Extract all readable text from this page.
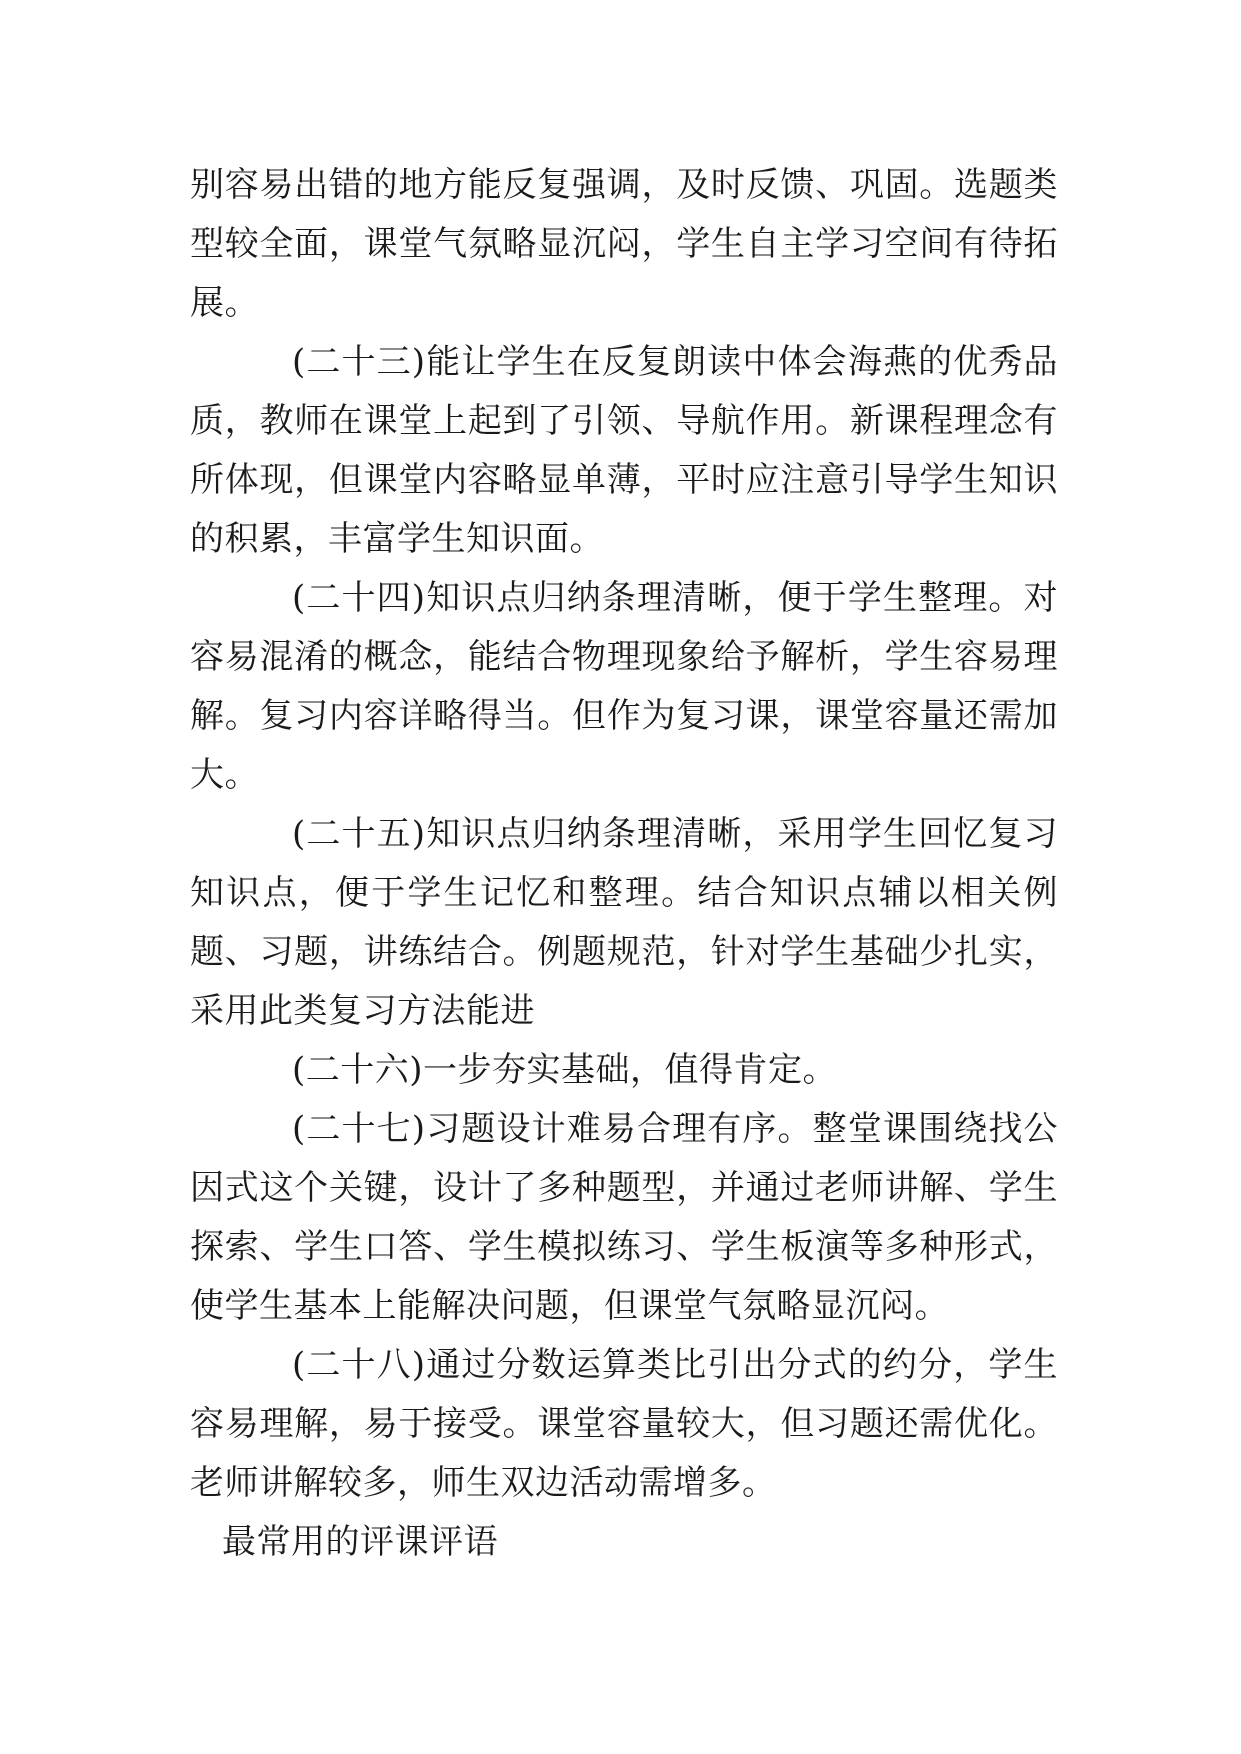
别容易出错的地方能反复强调，及时反馈、巩固。选题类型较全面，课堂气氛略显沉闷，学生自主学习空间有待拓展。

(二十三)能让学生在反复朗读中体会海燕的优秀品质，教师在课堂上起到了引领、导航作用。新课程理念有所体现，但课堂内容略显单薄，平时应注意引导学生知识的积累，丰富学生知识面。

(二十四)知识点归纳条理清晰，便于学生整理。对容易混淆的概念，能结合物理现象给予解析，学生容易理解。复习内容详略得当。但作为复习课，课堂容量还需加大。

(二十五)知识点归纳条理清晰，采用学生回忆复习知识点，便于学生记忆和整理。结合知识点辅以相关例题、习题，讲练结合。例题规范，针对学生基础少扎实，采用此类复习方法能进

(二十六)一步夯实基础，值得肯定。

(二十七)习题设计难易合理有序。整堂课围绕找公因式这个关键，设计了多种题型，并通过老师讲解、学生探索、学生口答、学生模拟练习、学生板演等多种形式，使学生基本上能解决问题，但课堂气氛略显沉闷。

(二十八)通过分数运算类比引出分式的约分，学生容易理解，易于接受。课堂容量较大，但习题还需优化。老师讲解较多，师生双边活动需增多。

最常用的评课评语
